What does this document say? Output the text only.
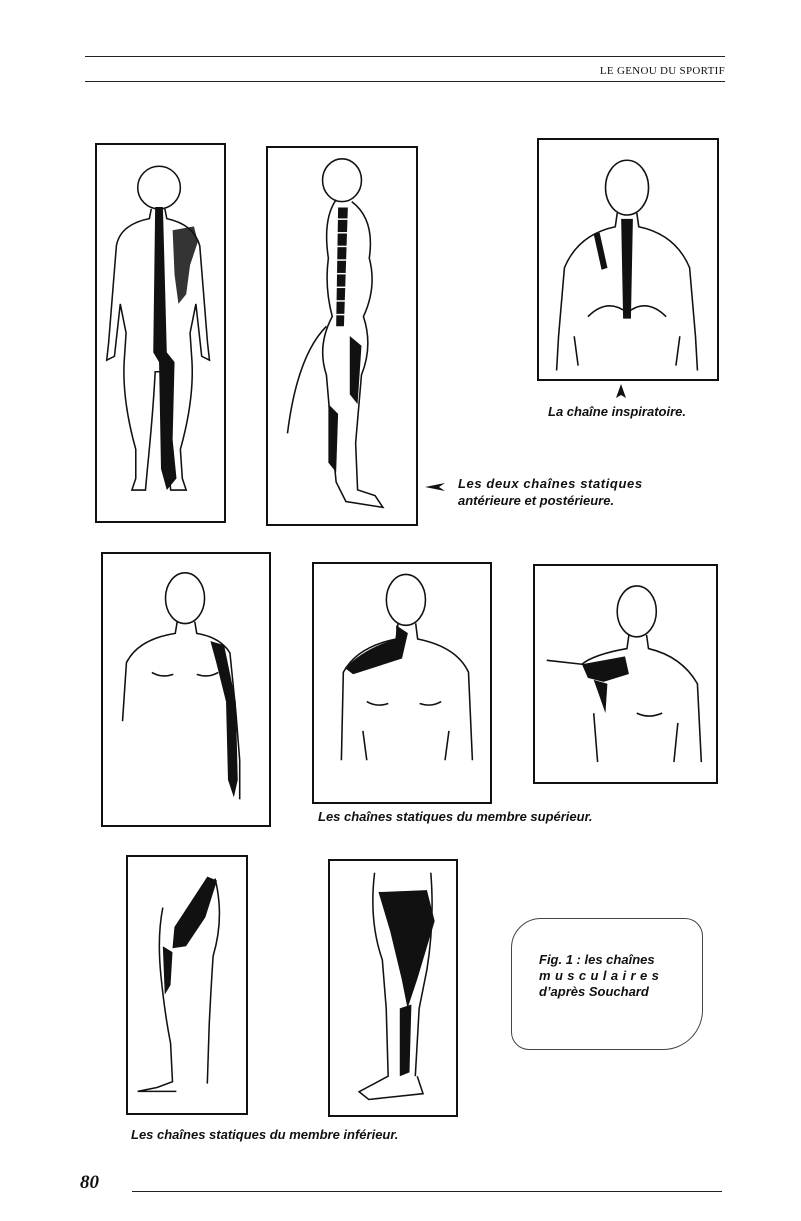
LE GENOU DU SPORTIF
La chaîne inspiratoire.
Les deux chaînes statiques
antérieure et postérieure.
Les chaînes statiques du membre supérieur.
Les chaînes statiques du membre inférieur.
Fig. 1 : les chaînes
musculaires
d’après Souchard
80
